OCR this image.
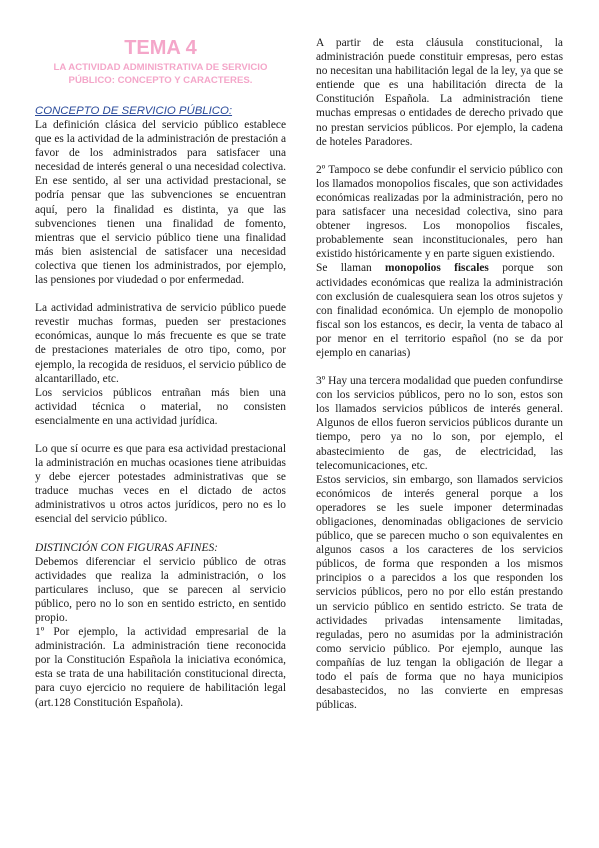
TEMA 4
LA ACTIVIDAD ADMINISTRATIVA DE SERVICIO PÚBLICO: CONCEPTO Y CARACTERES.
CONCEPTO DE SERVICIO PÚBLICO:

La definición clásica del servicio público establece que es la actividad de la administración de prestación a favor de los administrados para satisfacer una necesidad de interés general o una necesidad colectiva. En ese sentido, al ser una actividad prestacional, se podría pensar que las subvenciones se encuentran aquí, pero la finalidad es distinta, ya que las subvenciones tienen una finalidad de fomento, mientras que el servicio público tiene una finalidad más bien asistencial de satisfacer una necesidad colectiva que tienen los administrados, por ejemplo, las pensiones por viudedad o por enfermedad.

La actividad administrativa de servicio público puede revestir muchas formas, pueden ser prestaciones económicas, aunque lo más frecuente es que se trate de prestaciones materiales de otro tipo, como, por ejemplo, la recogida de residuos, el servicio público de alcantarillado, etc.

Los servicios públicos entrañan más bien una actividad técnica o material, no consisten esencialmente en una actividad jurídica.

Lo que sí ocurre es que para esa actividad prestacional la administración en muchas ocasiones tiene atribuidas y debe ejercer potestades administrativas que se traduce muchas veces en el dictado de actos administrativos u otros actos jurídicos, pero no es lo esencial del servicio público.

DISTINCIÓN CON FIGURAS AFINES:

Debemos diferenciar el servicio público de otras actividades que realiza la administración, o los particulares incluso, que se parecen al servicio público, pero no lo son en sentido estricto, en sentido propio.

1º Por ejemplo, la actividad empresarial de la administración. La administración tiene reconocida por la Constitución Española la iniciativa económica, esta se trata de una habilitación constitucional directa, para cuyo ejercicio no requiere de habilitación legal (art.128 Constitución Española).

A partir de esta cláusula constitucional, la administración puede constituir empresas, pero estas no necesitan una habilitación legal de la ley, ya que se entiende que es una habilitación directa de la Constitución Española. La administración tiene muchas empresas o entidades de derecho privado que no prestan servicios públicos. Por ejemplo, la cadena de hoteles Paradores.

2º Tampoco se debe confundir el servicio público con los llamados monopolios fiscales, que son actividades económicas realizadas por la administración, pero no para satisfacer una necesidad colectiva, sino para obtener ingresos. Los monopolios fiscales, probablemente sean inconstitucionales, pero han existido históricamente y en parte siguen existiendo.

Se llaman monopolios fiscales porque son actividades económicas que realiza la administración con exclusión de cualesquiera sean los otros sujetos y con finalidad económica. Un ejemplo de monopolio fiscal son los estancos, es decir, la venta de tabaco al por menor en el territorio español (no se da por ejemplo en canarias)

3º Hay una tercera modalidad que pueden confundirse con los servicios públicos, pero no lo son, estos son los llamados servicios públicos de interés general. Algunos de ellos fueron servicios públicos durante un tiempo, pero ya no lo son, por ejemplo, el abastecimiento de gas, de electricidad, las telecomunicaciones, etc.

Estos servicios, sin embargo, son llamados servicios económicos de interés general porque a los operadores se les suele imponer determinadas obligaciones, denominadas obligaciones de servicio público, que se parecen mucho o son equivalentes en algunos casos a los caracteres de los servicios públicos, de forma que responden a los mismos principios o a parecidos a los que responden los servicios públicos, pero no por ello están prestando un servicio público en sentido estricto. Se trata de actividades privadas intensamente limitadas, reguladas, pero no asumidas por la administración como servicio público. Por ejemplo, aunque las compañías de luz tengan la obligación de llegar a todo el país de forma que no haya municipios desabastecidos, no las convierte en empresas públicas.
